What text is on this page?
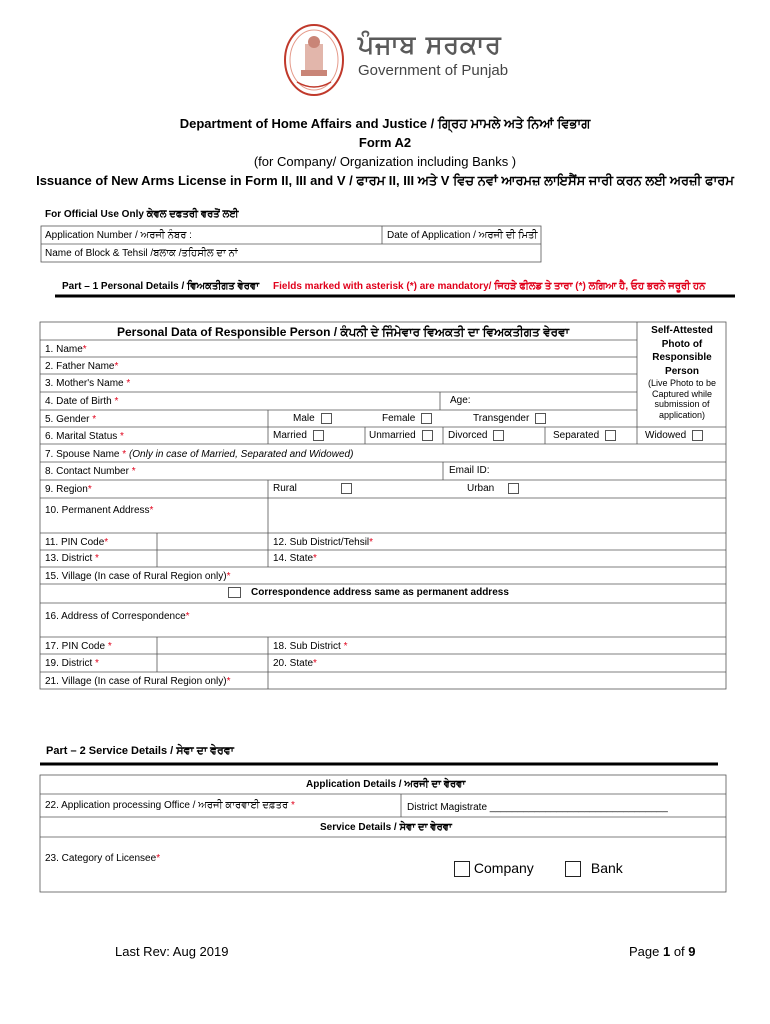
ਪੰਜਾਬ ਸਰਕਾਰ
Government of Punjab
Department of Home Affairs and Justice / ਗ੍ਰਿਹ ਮਾਮਲੇ ਅਤੇ ਨਿਆਂ ਵਿਭਾਗ
Form A2
(for Company/ Organization including Banks )
Issuance of New Arms License in Form II, III and V / ਫਾਰਮ II, III ਅਤੇ V ਵਿਚ ਨਵਾਂ ਆਰਮਜ਼ ਲਾਇਸੈਂਸ ਜਾਰੀ ਕਰਨ ਲਈ ਅਰਜ਼ੀ ਫਾਰਮ
For Official Use Only ਕੇਵਲ ਦਫਤਰੀ ਵਰਤੋਂ ਲਈ
Application Number / ਅਰਜੀ ਨੰਬਰ :	Date of Application / ਅਰਜੀ ਦੀ ਮਿਤੀ
Name of Block & Tehsil /ਬਲਾਕ /ਤਹਿਸੀਲ ਦਾ ਨਾਂ
Part – 1 Personal Details / ਵਿਅਕਤੀਗਤ ਵੇਰਵਾ Fields marked with asterisk (*) are mandatory/ ਜਿਹੜੇ ਫੀਲਡ ਤੇ ਤਾਰਾ (*) ਲਗਿਆ ਹੈ, ਓਹ ਭਰਨੇ ਜਰੂਰੀ ਹਨ
Personal Data of Responsible Person / ਕੰਪਨੀ ਦੇ ਜਿੰਮੇਵਾਰ ਵਿਅਕਤੀ ਦਾ ਵਿਅਕਤੀਗਤ ਵੇਰਵਾ	Self-Attested Photo of Responsible Person
(Live Photo to be Captured while submission of application)
1. Name*
2. Father Name*
3. Mother's Name *
4. Date of Birth *	Age:
5. Gender *	Male	Female	Transgender
6. Marital Status *	Married	Unmarried	Divorced	Separated	Widowed
7. Spouse Name * (Only in case of Married, Separated and Widowed)
8. Contact Number *	Email ID:
9. Region*	Rural	Urban
10. Permanent Address*
11. PIN Code*	12. Sub District/Tehsil*
13. District *	14. State*
15. Village (In case of Rural Region only)*
Correspondence address same as permanent address
16. Address of Correspondence*
17. PIN Code *	18. Sub District *
19. District *	20. State*
21. Village (In case of Rural Region only)*
Part – 2 Service Details / ਸੇਵਾ ਦਾ ਵੇਰਵਾ
Application Details / ਅਰਜੀ ਦਾ ਵੇਰਵਾ
22. Application processing Office / ਅਰਜੀ ਕਾਰਵਾਈ ਦਫ਼ਤਰ *	District Magistrate ________________________________
Service Details / ਸੇਵਾ ਦਾ ਵੇਰਵਾ
23. Category of Licensee*
Company	Bank
Last Rev: Aug 2019	Page 1 of 9
